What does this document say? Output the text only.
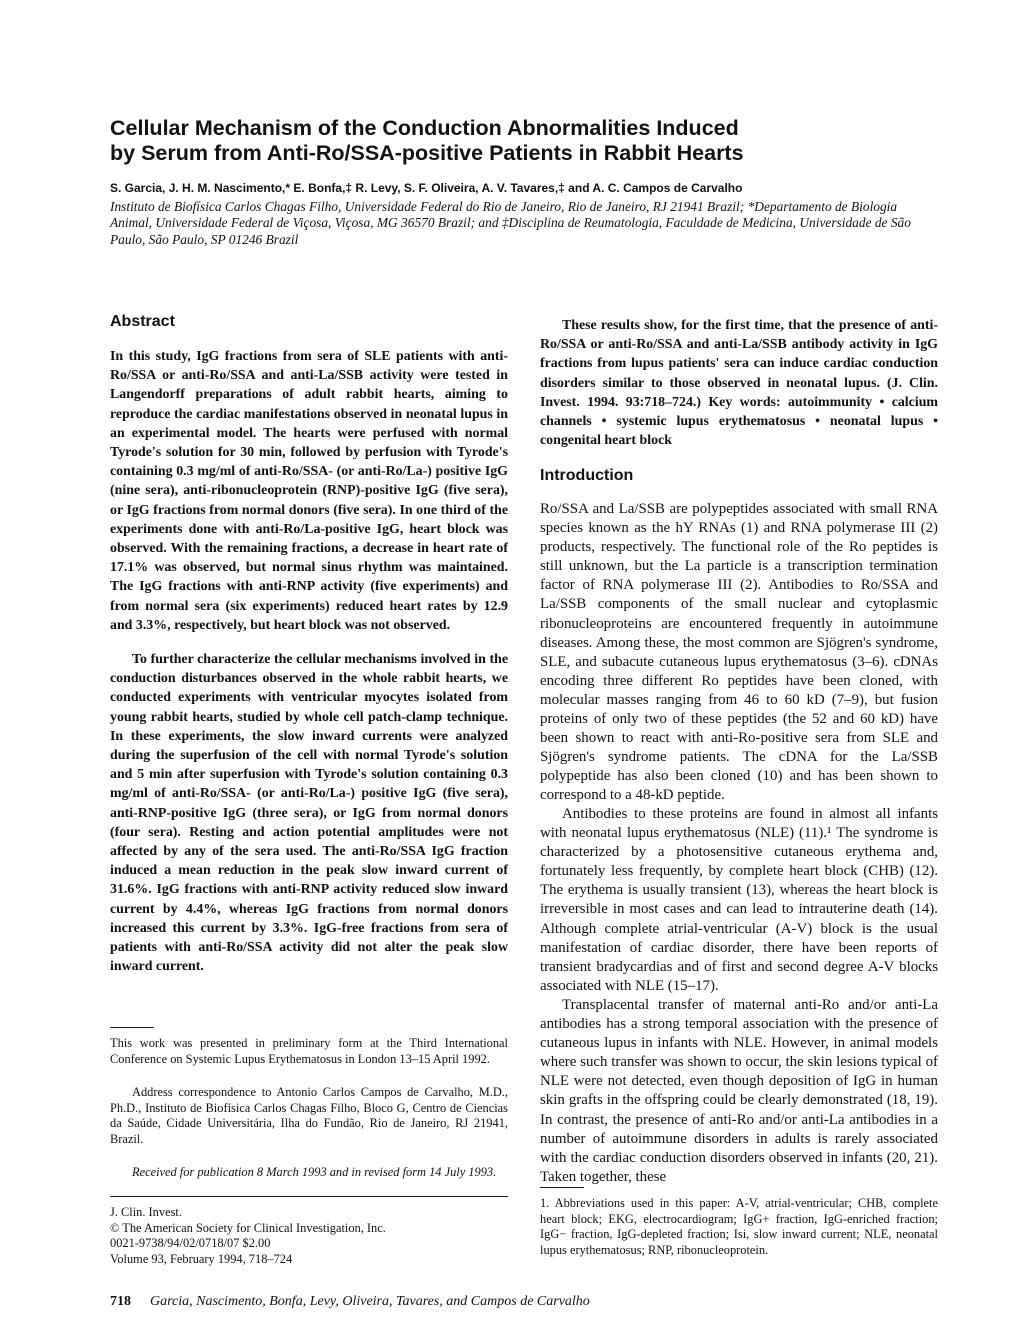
Cellular Mechanism of the Conduction Abnormalities Induced
by Serum from Anti-Ro/SSA-positive Patients in Rabbit Hearts
S. Garcia, J. H. M. Nascimento,* E. Bonfa,‡ R. Levy, S. F. Oliveira, A. V. Tavares,‡ and A. C. Campos de Carvalho
Instituto de Biofísica Carlos Chagas Filho, Universidade Federal do Rio de Janeiro, Rio de Janeiro, RJ 21941 Brazil; *Departamento de Biologia Animal, Universidade Federal de Viçosa, Viçosa, MG 36570 Brazil; and ‡Disciplina de Reumatologia, Faculdade de Medicina, Universidade de São Paulo, São Paulo, SP 01246 Brazil
Abstract
In this study, IgG fractions from sera of SLE patients with anti-Ro/SSA or anti-Ro/SSA and anti-La/SSB activity were tested in Langendorff preparations of adult rabbit hearts, aiming to reproduce the cardiac manifestations observed in neonatal lupus in an experimental model. The hearts were perfused with normal Tyrode's solution for 30 min, followed by perfusion with Tyrode's containing 0.3 mg/ml of anti-Ro/SSA- (or anti-Ro/La-) positive IgG (nine sera), anti-ribonucleoprotein (RNP)-positive IgG (five sera), or IgG fractions from normal donors (five sera). In one third of the experiments done with anti-Ro/La-positive IgG, heart block was observed. With the remaining fractions, a decrease in heart rate of 17.1% was observed, but normal sinus rhythm was maintained. The IgG fractions with anti-RNP activity (five experiments) and from normal sera (six experiments) reduced heart rates by 12.9 and 3.3%, respectively, but heart block was not observed.
To further characterize the cellular mechanisms involved in the conduction disturbances observed in the whole rabbit hearts, we conducted experiments with ventricular myocytes isolated from young rabbit hearts, studied by whole cell patch-clamp technique. In these experiments, the slow inward currents were analyzed during the superfusion of the cell with normal Tyrode's solution and 5 min after superfusion with Tyrode's solution containing 0.3 mg/ml of anti-Ro/SSA- (or anti-Ro/La-) positive IgG (five sera), anti-RNP-positive IgG (three sera), or IgG from normal donors (four sera). Resting and action potential amplitudes were not affected by any of the sera used. The anti-Ro/SSA IgG fraction induced a mean reduction in the peak slow inward current of 31.6%. IgG fractions with anti-RNP activity reduced slow inward current by 4.4%, whereas IgG fractions from normal donors increased this current by 3.3%. IgG-free fractions from sera of patients with anti-Ro/SSA activity did not alter the peak slow inward current.
This work was presented in preliminary form at the Third International Conference on Systemic Lupus Erythematosus in London 13–15 April 1992.
Address correspondence to Antonio Carlos Campos de Carvalho, M.D., Ph.D., Instituto de Biofísica Carlos Chagas Filho, Bloco G, Centro de Ciencias da Saúde, Cidade Universitária, Ilha do Fundão, Rio de Janeiro, RJ 21941, Brazil.
Received for publication 8 March 1993 and in revised form 14 July 1993.
J. Clin. Invest.
© The American Society for Clinical Investigation, Inc.
0021-9738/94/02/0718/07 $2.00
Volume 93, February 1994, 718–724
These results show, for the first time, that the presence of anti-Ro/SSA or anti-Ro/SSA and anti-La/SSB antibody activity in IgG fractions from lupus patients' sera can induce cardiac conduction disorders similar to those observed in neonatal lupus. (J. Clin. Invest. 1994. 93:718–724.) Key words: autoimmunity • calcium channels • systemic lupus erythematosus • neonatal lupus • congenital heart block
Introduction
Ro/SSA and La/SSB are polypeptides associated with small RNA species known as the hY RNAs (1) and RNA polymerase III (2) products, respectively. The functional role of the Ro peptides is still unknown, but the La particle is a transcription termination factor of RNA polymerase III (2). Antibodies to Ro/SSA and La/SSB components of the small nuclear and cytoplasmic ribonucleoproteins are encountered frequently in autoimmune diseases. Among these, the most common are Sjögren's syndrome, SLE, and subacute cutaneous lupus erythematosus (3–6). cDNAs encoding three different Ro peptides have been cloned, with molecular masses ranging from 46 to 60 kD (7–9), but fusion proteins of only two of these peptides (the 52 and 60 kD) have been shown to react with anti-Ro-positive sera from SLE and Sjögren's syndrome patients. The cDNA for the La/SSB polypeptide has also been cloned (10) and has been shown to correspond to a 48-kD peptide.
Antibodies to these proteins are found in almost all infants with neonatal lupus erythematosus (NLE) (11).¹ The syndrome is characterized by a photosensitive cutaneous erythema and, fortunately less frequently, by complete heart block (CHB) (12). The erythema is usually transient (13), whereas the heart block is irreversible in most cases and can lead to intrauterine death (14). Although complete atrial-ventricular (A-V) block is the usual manifestation of cardiac disorder, there have been reports of transient bradycardias and of first and second degree A-V blocks associated with NLE (15–17).
Transplacental transfer of maternal anti-Ro and/or anti-La antibodies has a strong temporal association with the presence of cutaneous lupus in infants with NLE. However, in animal models where such transfer was shown to occur, the skin lesions typical of NLE were not detected, even though deposition of IgG in human skin grafts in the offspring could be clearly demonstrated (18, 19). In contrast, the presence of anti-Ro and/or anti-La antibodies in a number of autoimmune disorders in adults is rarely associated with the cardiac conduction disorders observed in infants (20, 21). Taken together, these
1. Abbreviations used in this paper: A-V, atrial-ventricular; CHB, complete heart block; EKG, electrocardiogram; IgG+ fraction, IgG-enriched fraction; IgG− fraction, IgG-depleted fraction; Isi, slow inward current; NLE, neonatal lupus erythematosus; RNP, ribonucleoprotein.
718 Garcia, Nascimento, Bonfa, Levy, Oliveira, Tavares, and Campos de Carvalho
